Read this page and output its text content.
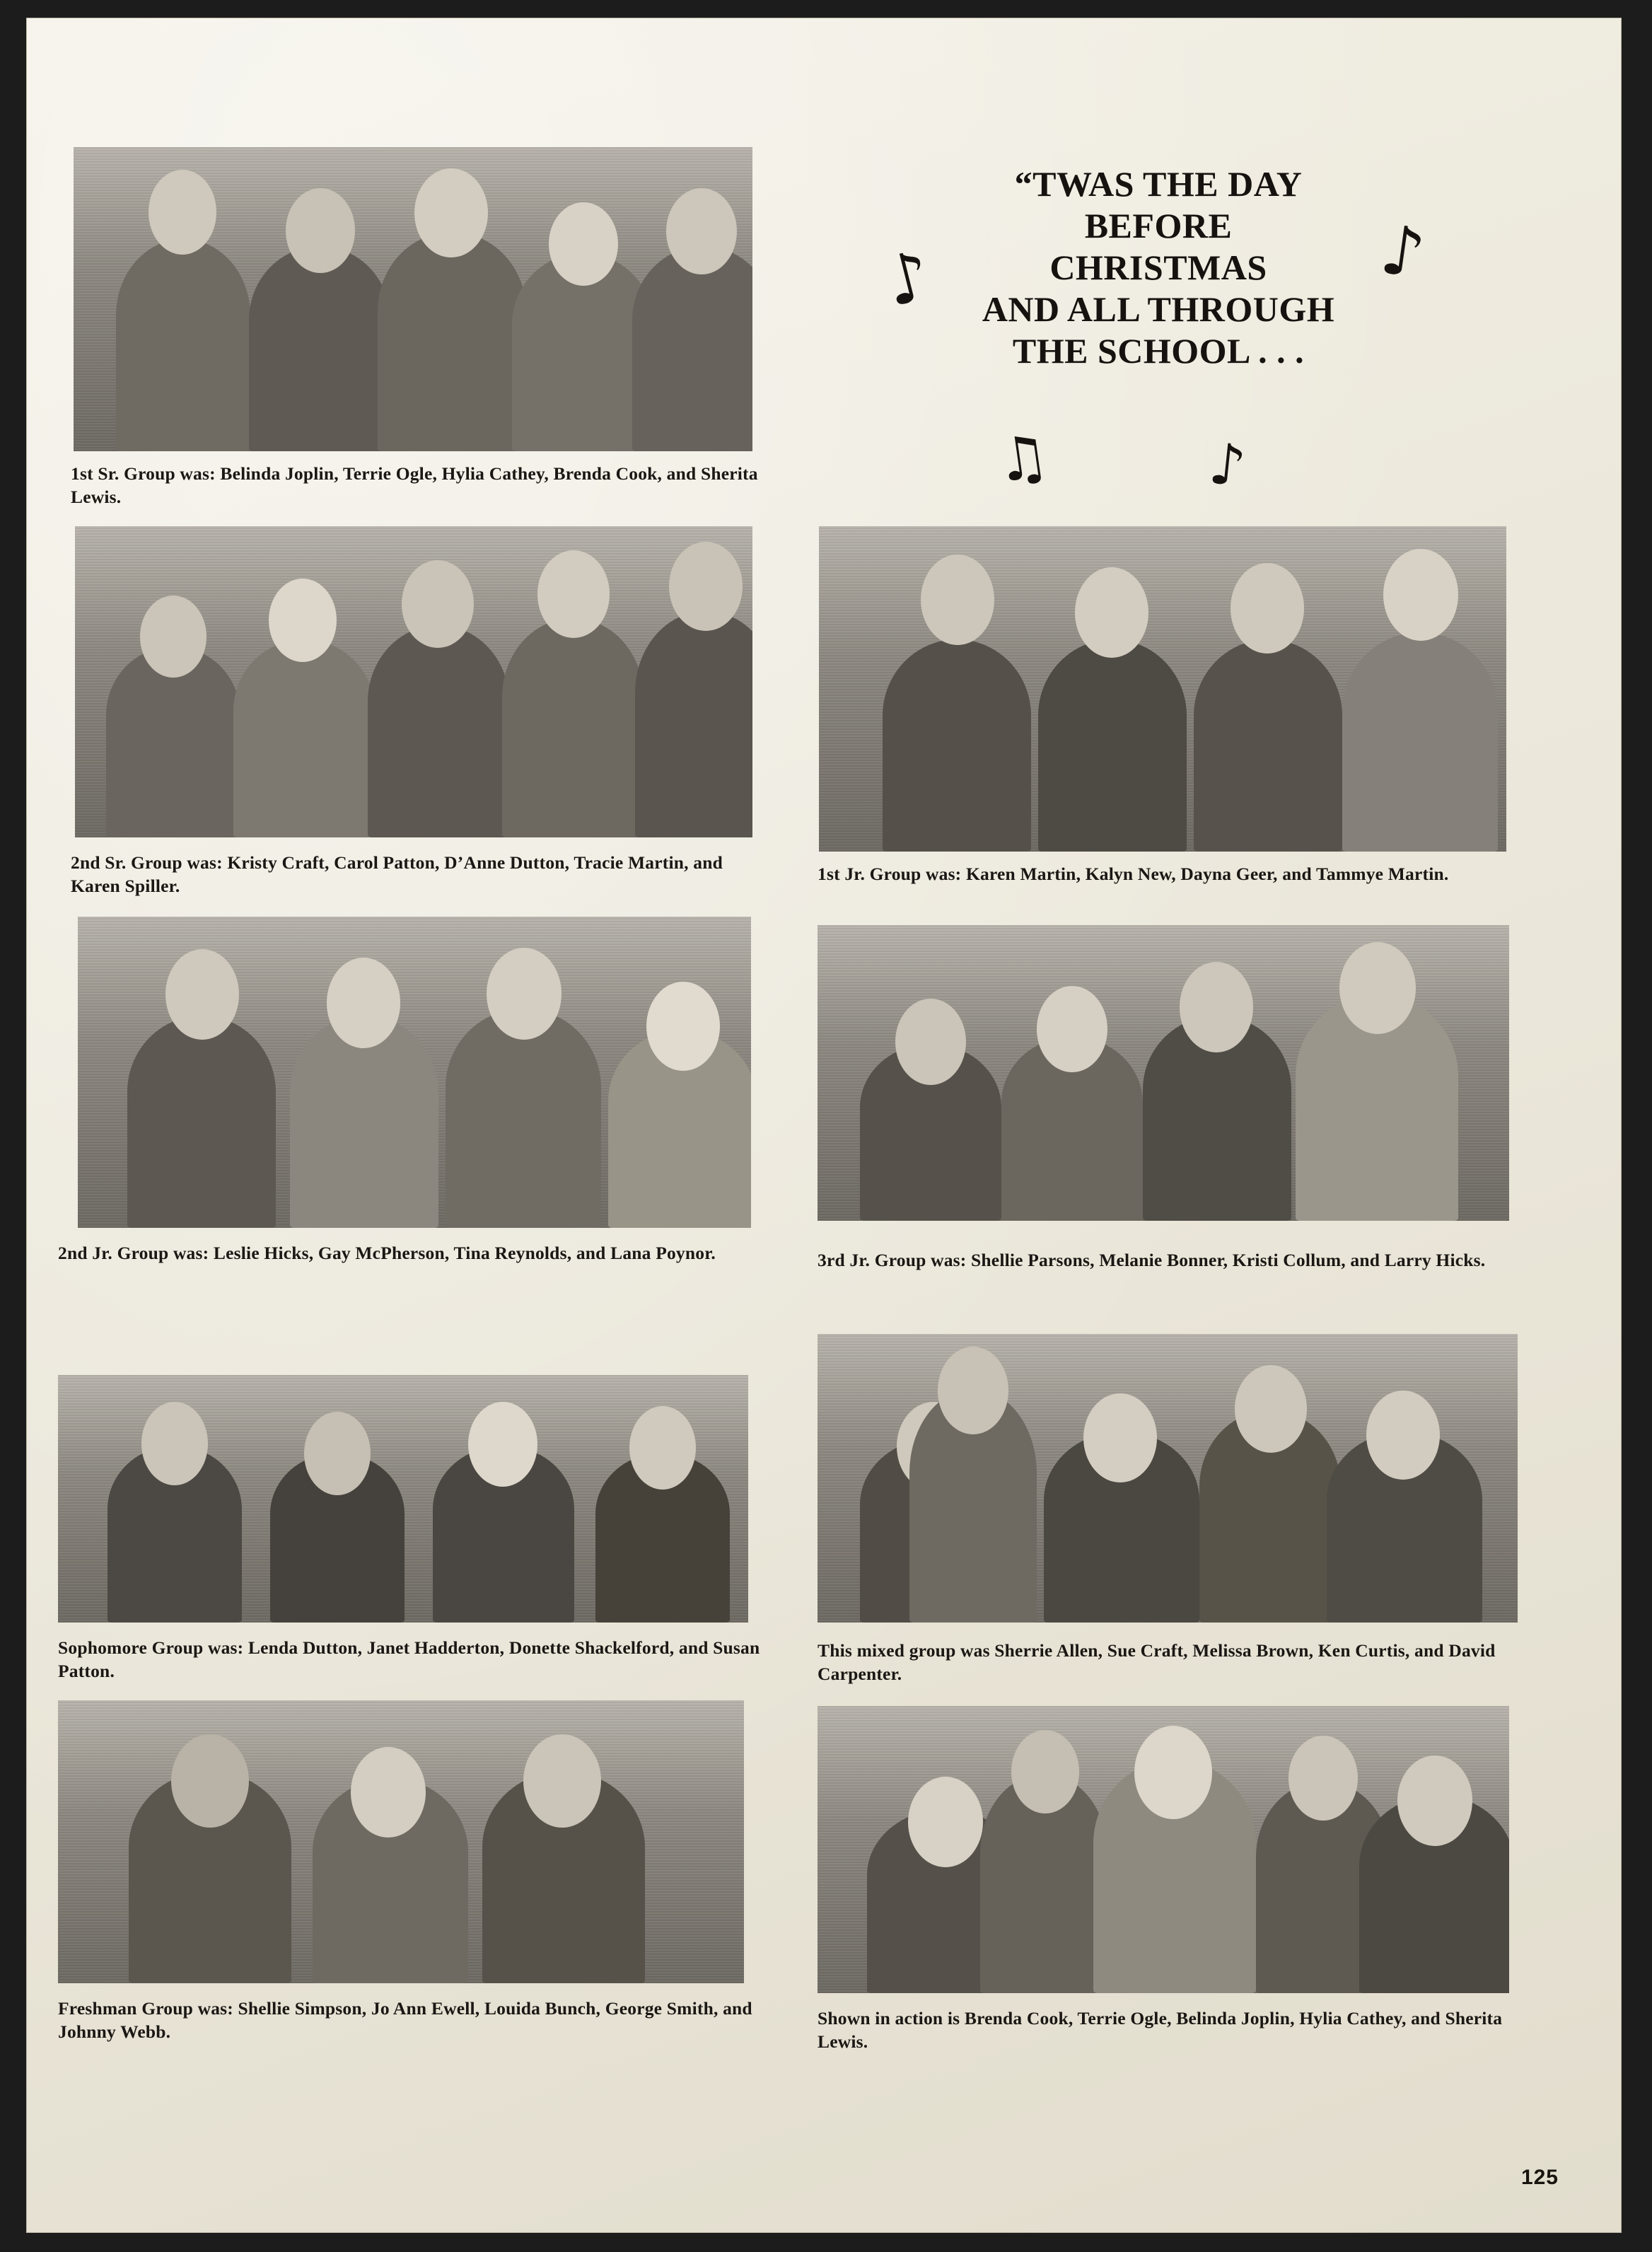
“TWAS THE DAY
BEFORE
CHRISTMAS
AND ALL THROUGH
THE SCHOOL . . .
♪	♪
♫	♪
1st Sr. Group was: Belinda Joplin, Terrie Ogle, Hylia Cathey, Brenda Cook, and Sherita Lewis.
2nd Sr. Group was: Kristy Craft, Carol Patton, D’Anne Dutton, Tracie Martin, and Karen Spiller.
2nd Jr. Group was: Leslie Hicks, Gay McPherson, Tina Reynolds, and Lana Poynor.
Sophomore Group was: Lenda Dutton, Janet Hadderton, Donette Shackelford, and Susan Patton.
Freshman Group was: Shellie Simpson, Jo Ann Ewell, Louida Bunch, George Smith, and Johnny Webb.
1st Jr. Group was: Karen Martin, Kalyn New, Dayna Geer, and Tammye Martin.
3rd Jr. Group was: Shellie Parsons, Melanie Bonner, Kristi Collum, and Larry Hicks.
This mixed group was Sherrie Allen, Sue Craft, Melissa Brown, Ken Curtis, and David Carpenter.
Shown in action is Brenda Cook, Terrie Ogle, Belinda Joplin, Hylia Cathey, and Sherita Lewis.
125
